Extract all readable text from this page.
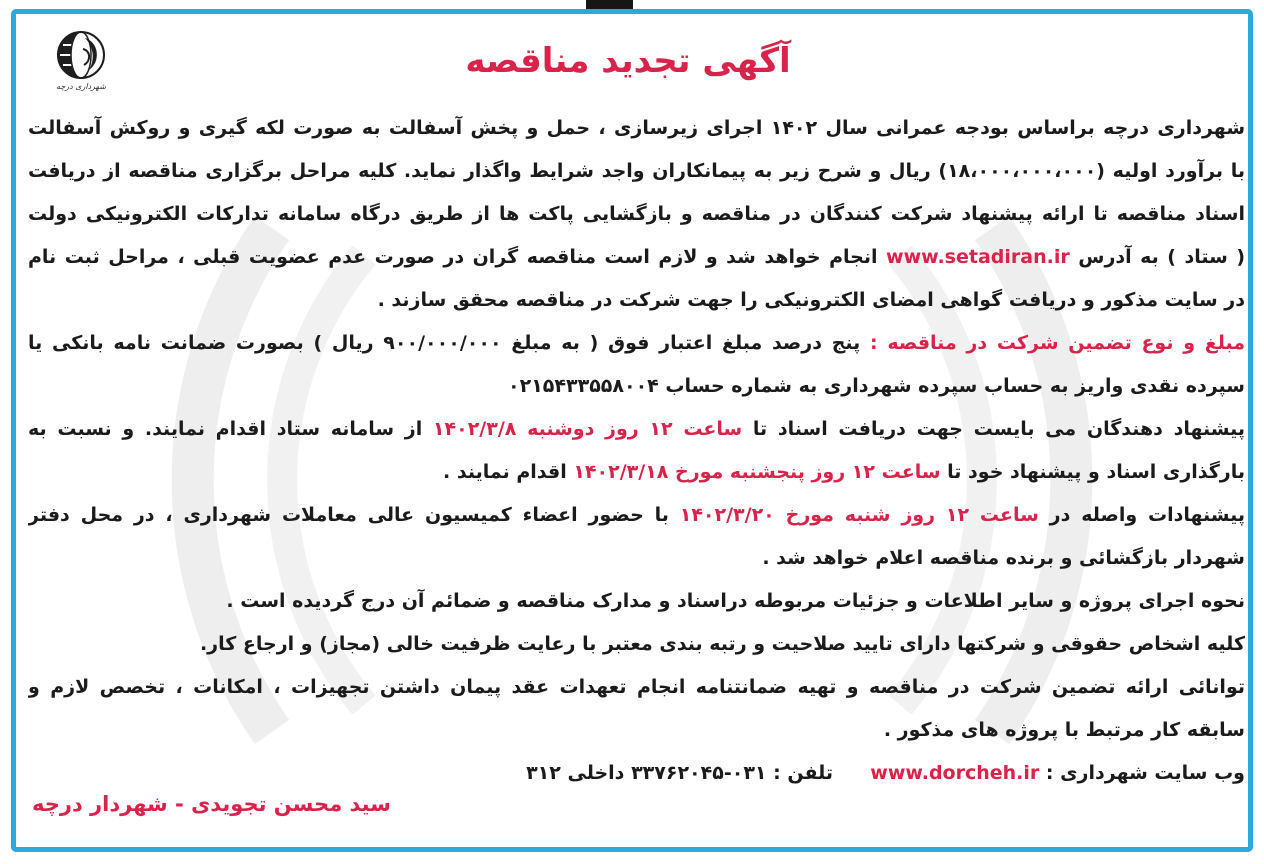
شهرداری درچه
آگهی تجدید مناقصه
شهرداری درچه براساس بودجه عمرانی سال ۱۴۰۲ اجرای زیرسازی ، حمل و پخش آسفالت به صورت لکه گیری و روکش آسفالت
با برآورد اولیه (۱۸،۰۰۰،۰۰۰،۰۰۰) ریال و شرح زیر به پیمانکاران واجد شرایط واگذار نماید. کلیه مراحل برگزاری مناقصه از دریافت
اسناد مناقصه تا ارائه پیشنهاد شرکت کنندگان در مناقصه و بازگشایی پاکت ها از طریق درگاه سامانه تدارکات الکترونیکی دولت
( ستاد ) به آدرس www.setadiran.ir انجام خواهد شد و لازم است مناقصه گران در صورت عدم عضویت قبلی ، مراحل ثبت نام
در سایت مذکور و دریافت گواهی امضای الکترونیکی را جهت شرکت در مناقصه محقق سازند .
مبلغ و نوع تضمین شرکت در مناقصه : پنج درصد مبلغ اعتبار فوق ( به مبلغ ۹۰۰/۰۰۰/۰۰۰ ریال ) بصورت ضمانت نامه بانکی یا
سپرده نقدی واریز به حساب سپرده شهرداری به شماره حساب ۰۲۱۵۴۳۳۵۵۸۰۰۴
پیشنهاد دهندگان می بایست جهت دریافت اسناد تا ساعت ۱۲ روز دوشنبه ۱۴۰۲/۳/۸ از سامانه ستاد اقدام نمایند. و نسبت به
بارگذاری اسناد و پیشنهاد خود تا ساعت ۱۲ روز پنجشنبه مورخ ۱۴۰۲/۳/۱۸ اقدام نمایند .
پیشنهادات واصله در ساعت ۱۲ روز شنبه مورخ ۱۴۰۲/۳/۲۰ با حضور اعضاء کمیسیون عالی معاملات شهرداری ، در محل دفتر
شهردار بازگشائی و برنده مناقصه اعلام خواهد شد .
نحوه اجرای پروژه و سایر اطلاعات و جزئیات مربوطه دراسناد و مدارک مناقصه و ضمائم آن درج گردیده است .
کلیه اشخاص حقوقی و شرکتها دارای تایید صلاحیت و رتبه بندی معتبر با رعایت ظرفیت خالی (مجاز) و ارجاع کار.
توانائی ارائه تضمین شرکت در مناقصه و تهیه ضمانتنامه انجام تعهدات عقد پیمان داشتن تجهیزات ، امکانات ، تخصص لازم و
سابقه کار مرتبط با پروژه های مذکور .
وب سایت شهرداری : www.dorcheh.ir  تلفن : ۰۳۱-۳۳۷۶۲۰۴۵ داخلی ۳۱۲
سید محسن تجویدی - شهردار درچه
